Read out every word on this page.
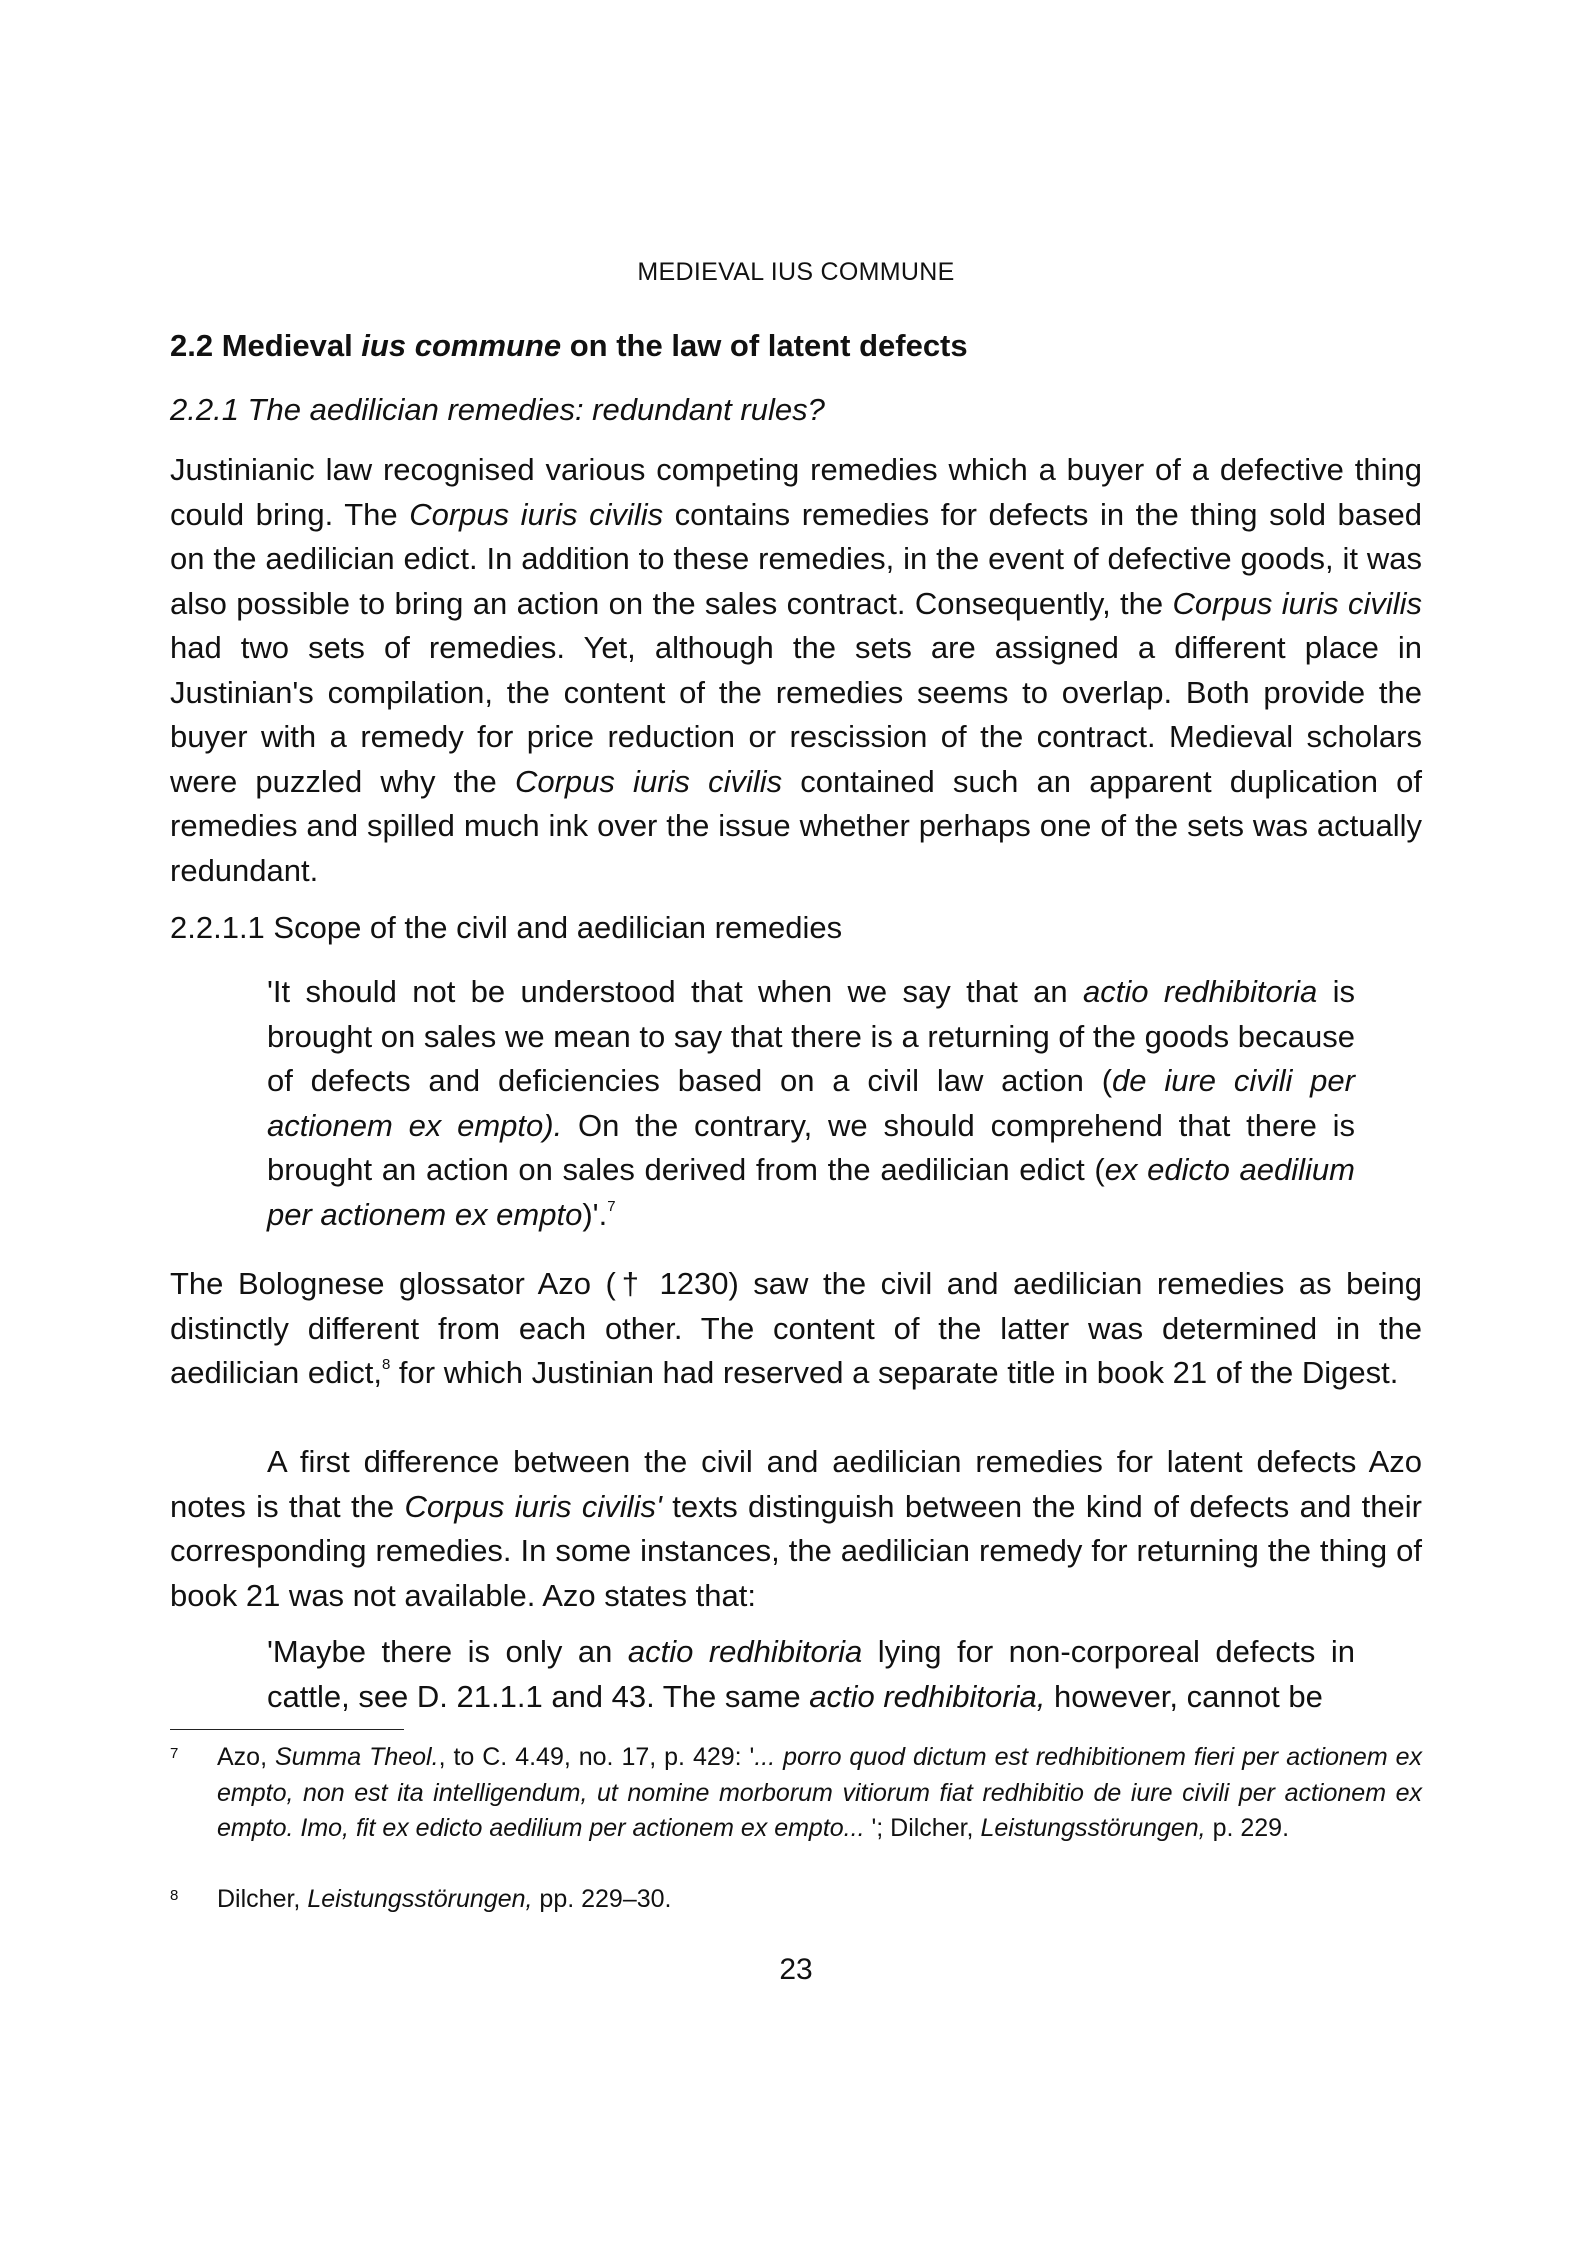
MEDIEVAL IUS COMMUNE
2.2 Medieval ius commune on the law of latent defects
2.2.1 The aedilician remedies: redundant rules?

Justinianic law recognised various competing remedies which a buyer of a defective thing could bring. The Corpus iuris civilis contains remedies for defects in the thing sold based on the aedilician edict. In addition to these remedies, in the event of defective goods, it was also possible to bring an action on the sales contract. Consequently, the Corpus iuris civilis had two sets of remedies. Yet, although the sets are assigned a different place in Justinian's compilation, the content of the remedies seems to overlap. Both provide the buyer with a remedy for price reduction or rescission of the contract. Medieval scholars were puzzled why the Corpus iuris civilis contained such an apparent duplication of remedies and spilled much ink over the issue whether perhaps one of the sets was actually redundant.

2.2.1.1 Scope of the civil and aedilician remedies

'It should not be understood that when we say that an actio redhibitoria is brought on sales we mean to say that there is a returning of the goods because of defects and deficiencies based on a civil law action (de iure civili per actionem ex empto). On the contrary, we should comprehend that there is brought an action on sales derived from the aedilician edict (ex edicto aedilium per actionem ex empto)'.$^7$

The Bolognese glossator Azo († 1230) saw the civil and aedilician remedies as being distinctly different from each other. The content of the latter was determined in the aedilician edict,$^8$ for which Justinian had reserved a separate title in book 21 of the Digest.

A first difference between the civil and aedilician remedies for latent defects Azo notes is that the Corpus iuris civilis' texts distinguish between the kind of defects and their corresponding remedies. In some instances, the aedilician remedy for returning the thing of book 21 was not available. Azo states that:

'Maybe there is only an actio redhibitoria lying for non-corporeal defects in cattle, see D. 21.1.1 and 43. The same actio redhibitoria, however, cannot be

7 Azo, Summa Theol., to C. 4.49, no. 17, p. 429: '... porro quod dictum est redhibitionem fieri per actionem ex empto, non est ita intelligendum, ut nomine morborum vitiorum fiat redhibitio de iure civili per actionem ex empto. Imo, fit ex edicto aedilium per actionem ex empto... '; Dilcher, Leistungsstörungen, p. 229.
8 Dilcher, Leistungsstörungen, pp. 229–30.
23
